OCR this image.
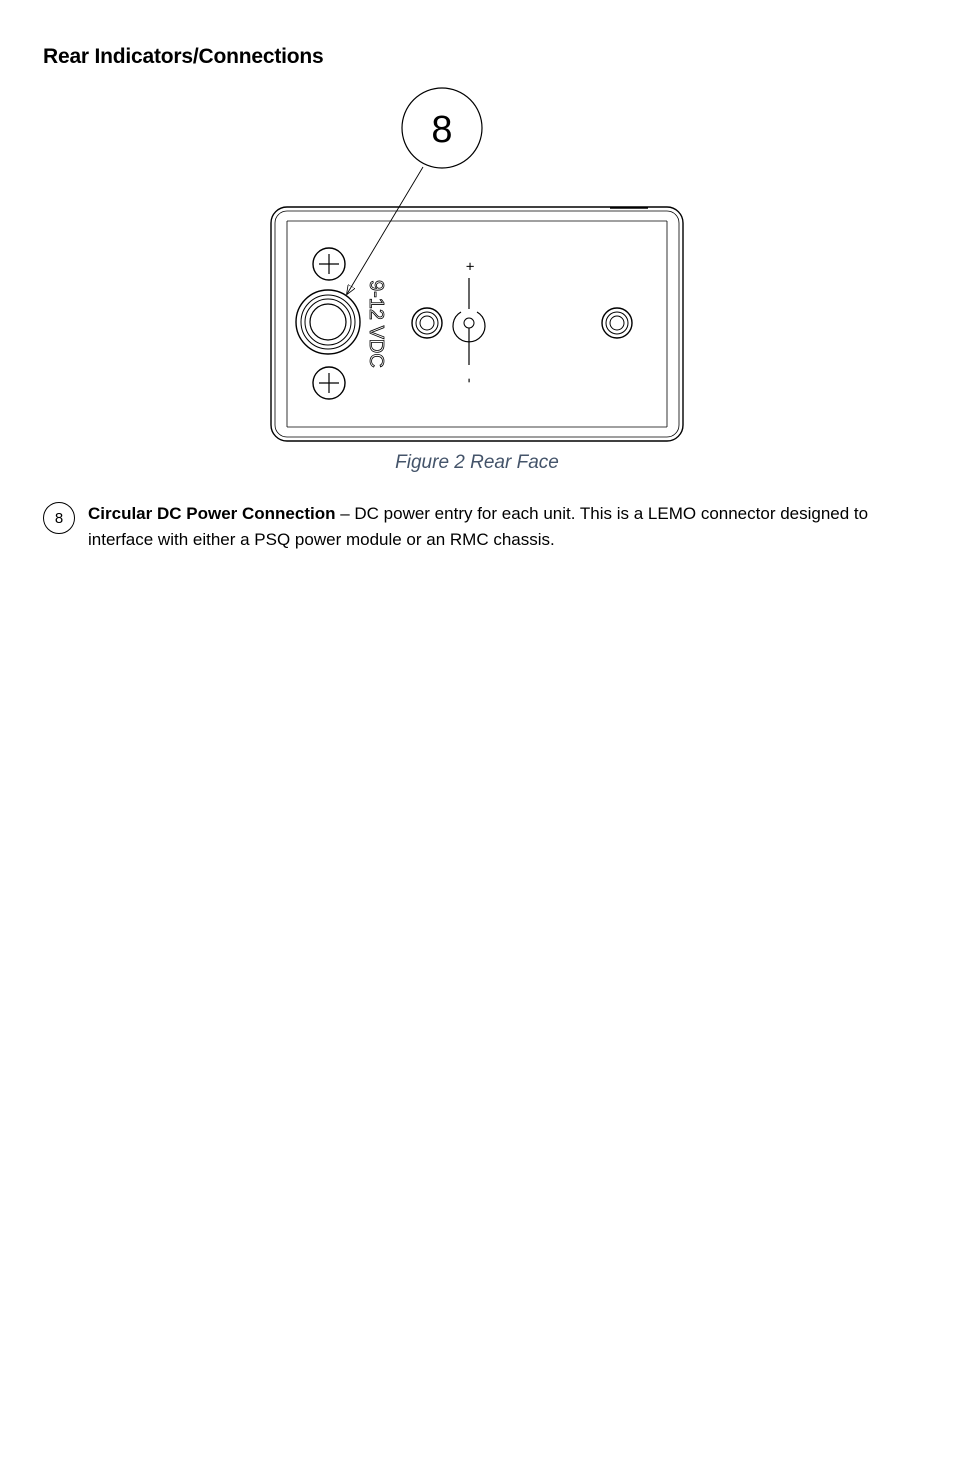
Rear Indicators/Connections
9-12 VDC
+
-
8

Figure 2 Rear Face

8	Circular DC Power Connection – DC power entry for each unit. This is a LEMO connector designed to interface with either a PSQ power module or an RMC chassis.
